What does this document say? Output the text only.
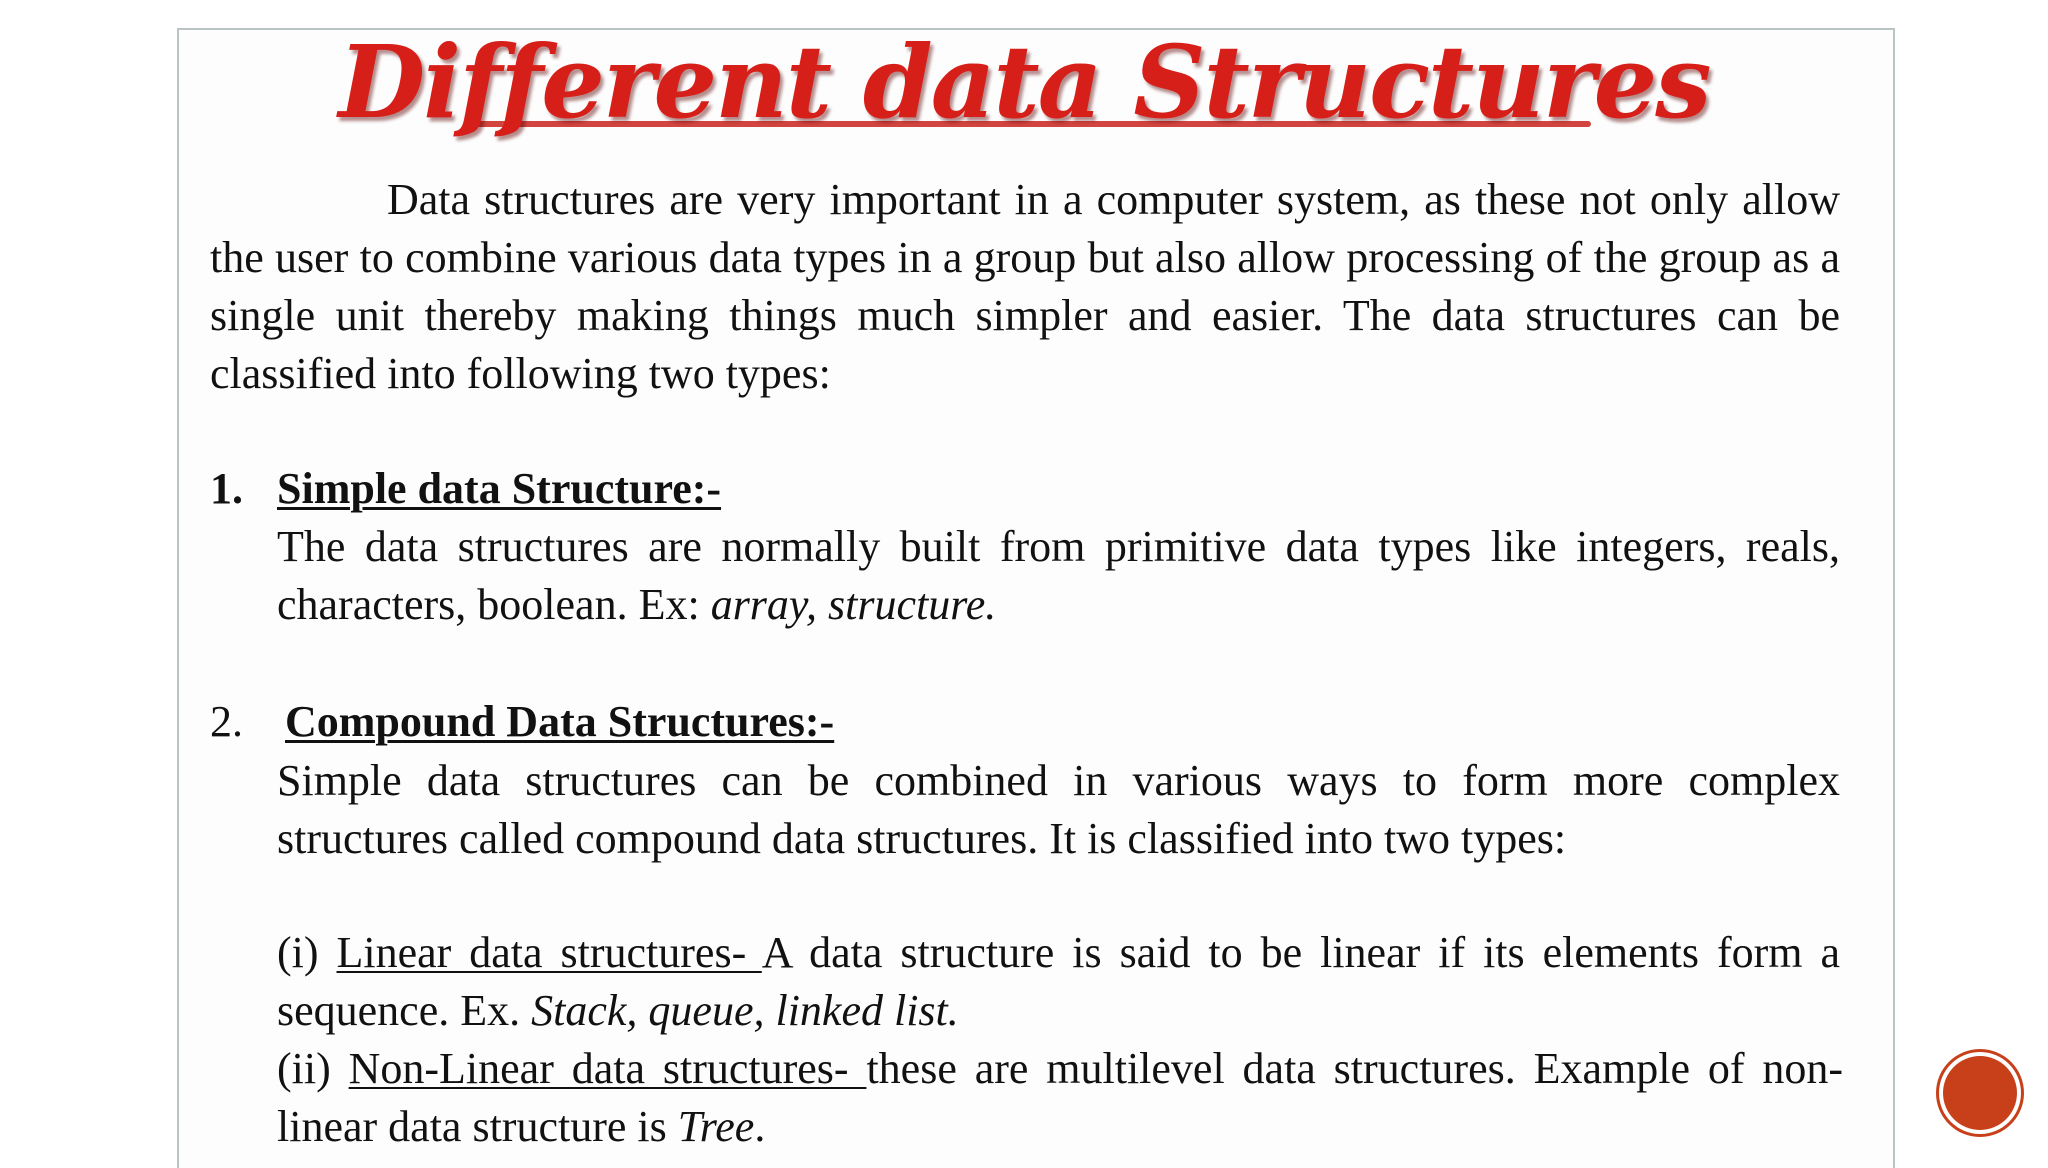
Different data Structures
Data structures are very important in a computer system, as these not only allow the user to combine various data types in a group but also allow processing of the group as a single unit thereby making things much simpler and easier. The data structures can be classified into following two types:
1. Simple data Structure:-
The data structures are normally built from primitive data types like integers, reals, characters, boolean. Ex: array, structure.
2. Compound Data Structures:-
Simple data structures can be combined in various ways to form more complex structures called compound data structures. It is classified into two types:
(i) Linear data structures- A data structure is said to be linear if its elements form a sequence. Ex. Stack, queue, linked list.
(ii) Non-Linear data structures- these are multilevel data structures. Example of non-linear data structure is Tree.
